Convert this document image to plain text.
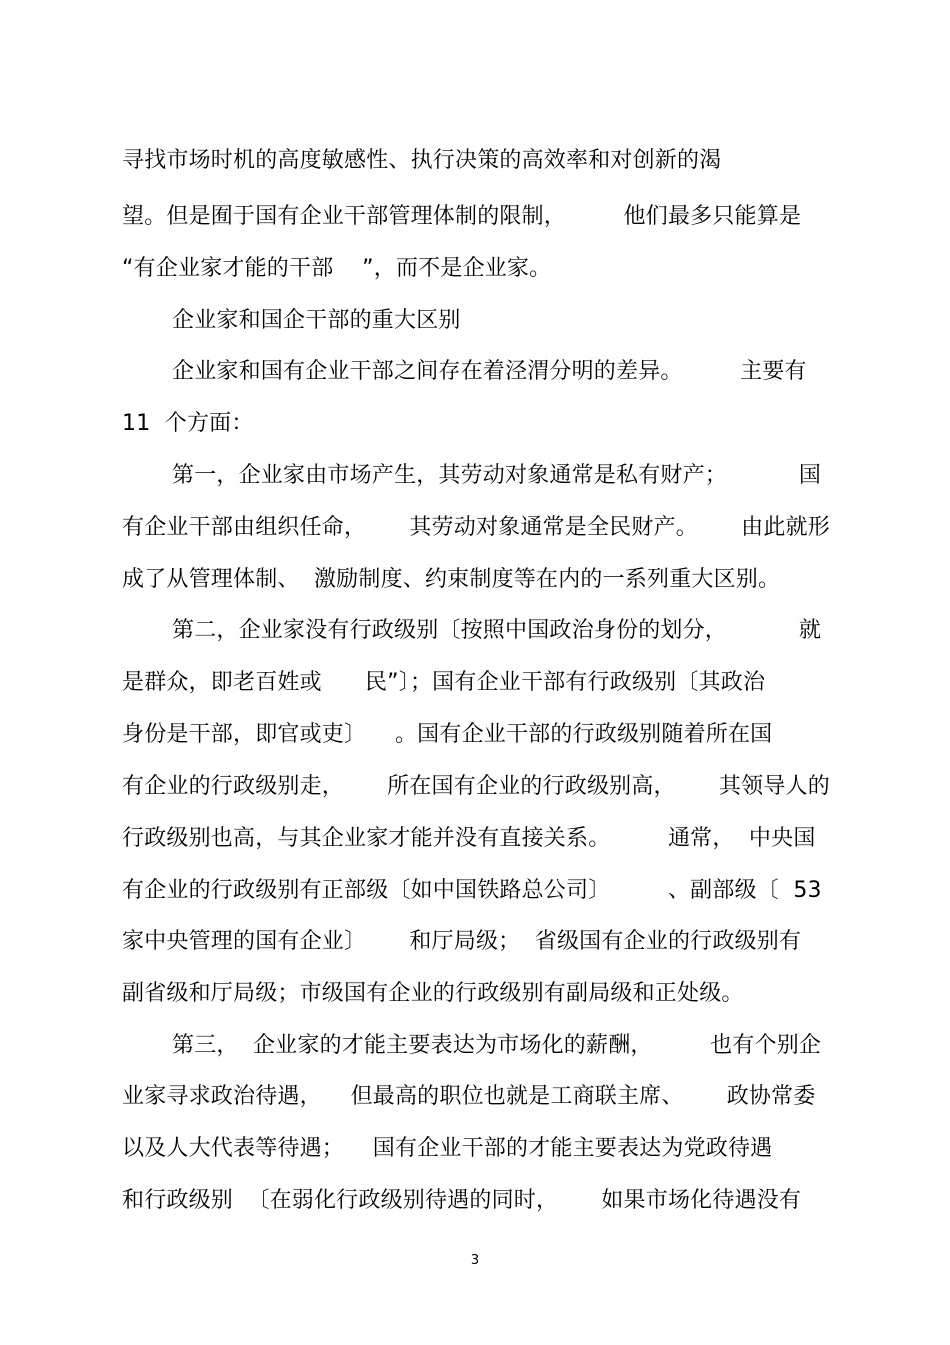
寻找市场时机的高度敏感性、执行决策的高效率和对创新的渴
望。但是囿于国有企业干部管理体制的限制，        他们最多只能算是
“有企业家才能的干部    ”，而不是企业家。
企业家和国企干部的重大区别
企业家和国有企业干部之间存在着泾渭分明的差异。        主要有
11  个方面：
第一，企业家由市场产生，其劳动对象通常是私有财产；          国
有企业干部由组织任命，      其劳动对象通常是全民财产。      由此就形
成了从管理体制、  激励制度、约束制度等在内的一系列重大区别。
第二，企业家没有行政级别〔按照中国政治身份的划分，          就
是群众，即老百姓或      民”〕；国有企业干部有行政级别〔其政治
身份是干部，即官或吏〕    。国有企业干部的行政级别随着所在国
有企业的行政级别走，      所在国有企业的行政级别高，      其领导人的
行政级别也高，与其企业家才能并没有直接关系。        通常，  中央国
有企业的行政级别有正部级〔如中国铁路总公司〕        、副部级〔  53
家中央管理的国有企业〕      和厅局级；  省级国有企业的行政级别有
副省级和厅局级；市级国有企业的行政级别有副局级和正处级。
第三，  企业家的才能主要表达为市场化的薪酬，        也有个别企
业家寻求政治待遇，    但最高的职位也就是工商联主席、      政协常委
以及人大代表等待遇；    国有企业干部的才能主要表达为党政待遇
和行政级别  〔在弱化行政级别待遇的同时，      如果市场化待遇没有
3
